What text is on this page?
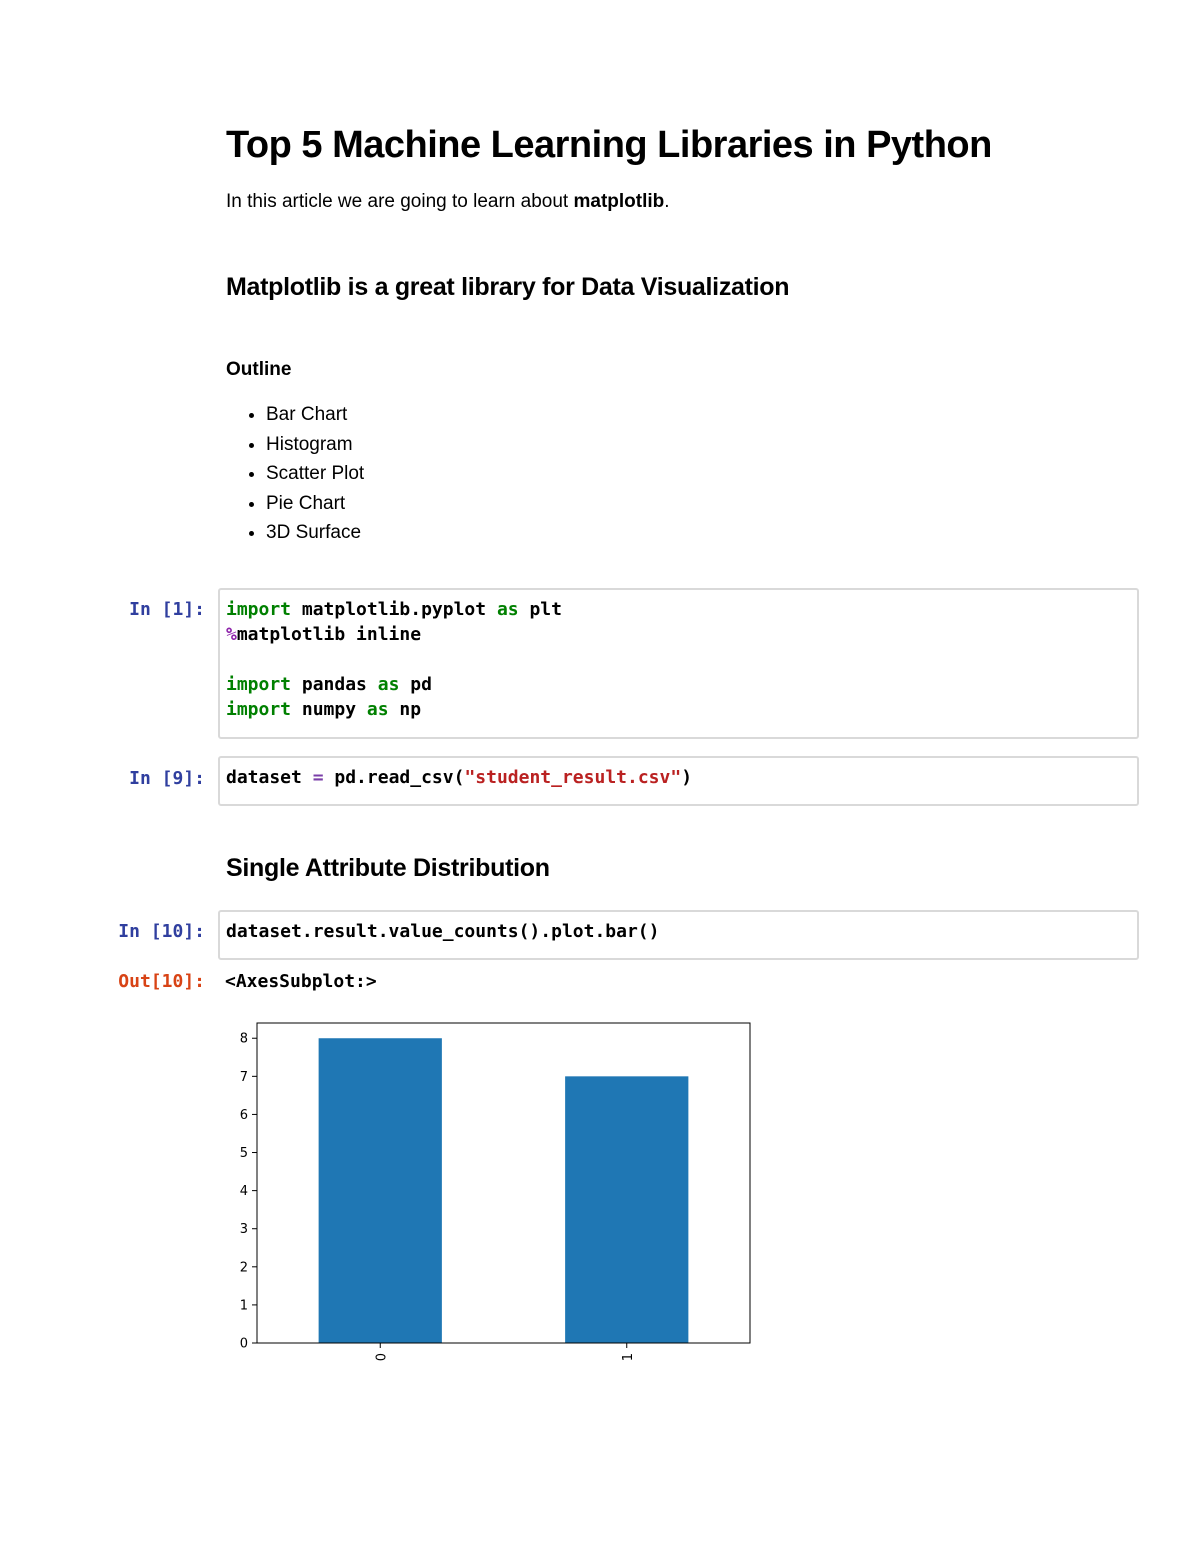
Top 5 Machine Learning Libraries in Python

In this article we are going to learn about matplotlib.

Matplotlib is a great library for Data Visualization
Outline
• Bar Chart
• Histogram
• Scatter Plot
• Pie Chart
• 3D Surface
In [1]: import matplotlib.pyplot as plt
%matplotlib inline
import pandas as pd
import numpy as np
In [9]: dataset = pd.read_csv("student_result.csv")
Single Attribute Distribution
In [10]: dataset.result.value_counts().plot.bar()
Out[10]: <AxesSubplot:>
0
1
2
3
4
5
6
7
8
0	1
